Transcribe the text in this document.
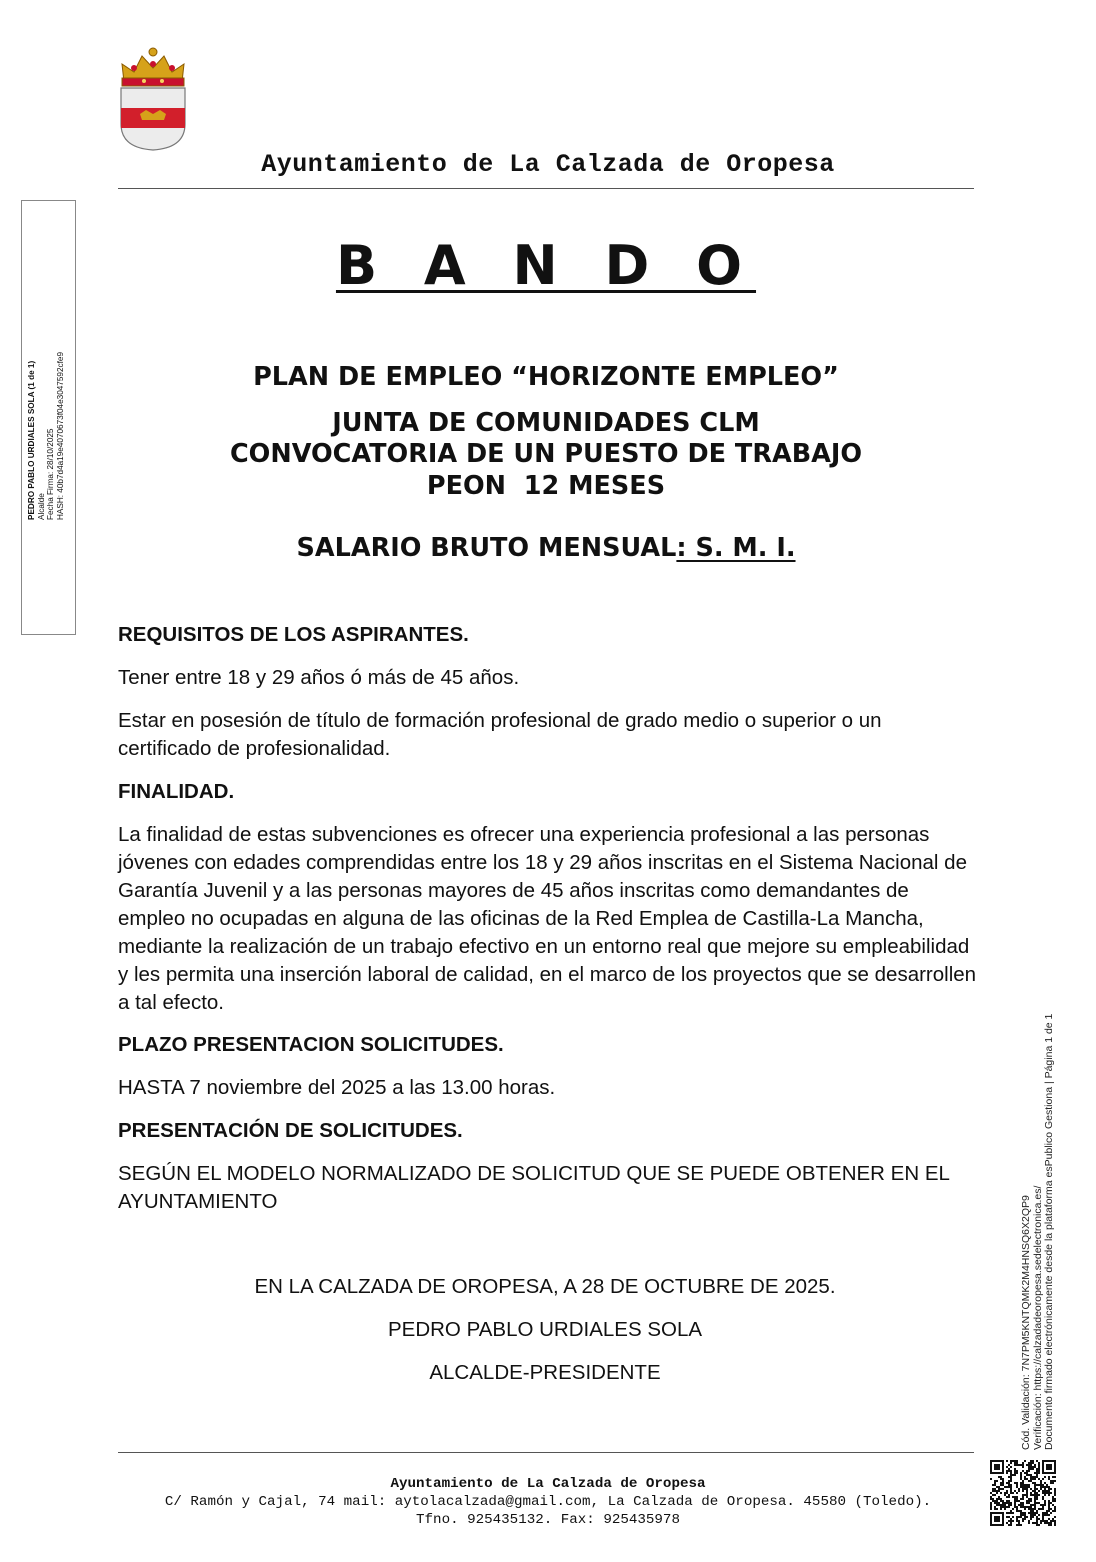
Ayuntamiento de La Calzada de Oropesa
PEDRO PABLO URDIALES SOLA (1 de 1) Alcalde Fecha Firma: 28/10/2025 HASH: 40b7d4a19e4070673f04e3047592cfe9
B A N D O
PLAN DE EMPLEO “HORIZONTE EMPLEO”
JUNTA DE COMUNIDADES CLM
CONVOCATORIA DE UN PUESTO DE TRABAJO
PEON  12 MESES
SALARIO BRUTO MENSUAL: S. M. I.
REQUISITOS DE LOS ASPIRANTES.
Tener entre 18 y 29 años ó más de 45 años.
Estar en posesión de título de formación profesional de grado medio o superior o un certificado de profesionalidad.
FINALIDAD.
La finalidad de estas subvenciones es ofrecer una experiencia profesional a las personas jóvenes con edades comprendidas entre los 18 y 29 años inscritas en el Sistema Nacional de Garantía Juvenil y a las personas mayores de 45 años inscritas como demandantes de empleo no ocupadas en alguna de las oficinas de la Red Emplea de Castilla-La Mancha, mediante la realización de un trabajo efectivo en un entorno real que mejore su empleabilidad y les permita una inserción laboral de calidad, en el marco de los proyectos que se desarrollen a tal efecto.
PLAZO PRESENTACION SOLICITUDES.
HASTA 7 noviembre del 2025 a las 13.00 horas.
PRESENTACIÓN DE SOLICITUDES.
SEGÚN EL MODELO NORMALIZADO DE SOLICITUD QUE SE PUEDE OBTENER EN EL AYUNTAMIENTO
EN LA CALZADA DE OROPESA, A 28 DE OCTUBRE DE 2025.
PEDRO PABLO URDIALES SOLA
ALCALDE-PRESIDENTE	Cód. Validación: 7N7PM5KNTQMK2M4HNSQ6X2QP9 Verificación: https://calzadadeoropesa.sedelectronica.es/ Documento firmado electrónicamente desde la plataforma esPublico Gestiona | Página 1 de 1
Ayuntamiento de La Calzada de Oropesa
C/ Ramón y Cajal, 74 mail: aytolacalzada@gmail.com, La Calzada de Oropesa. 45580 (Toledo).
Tfno. 925435132. Fax: 925435978
